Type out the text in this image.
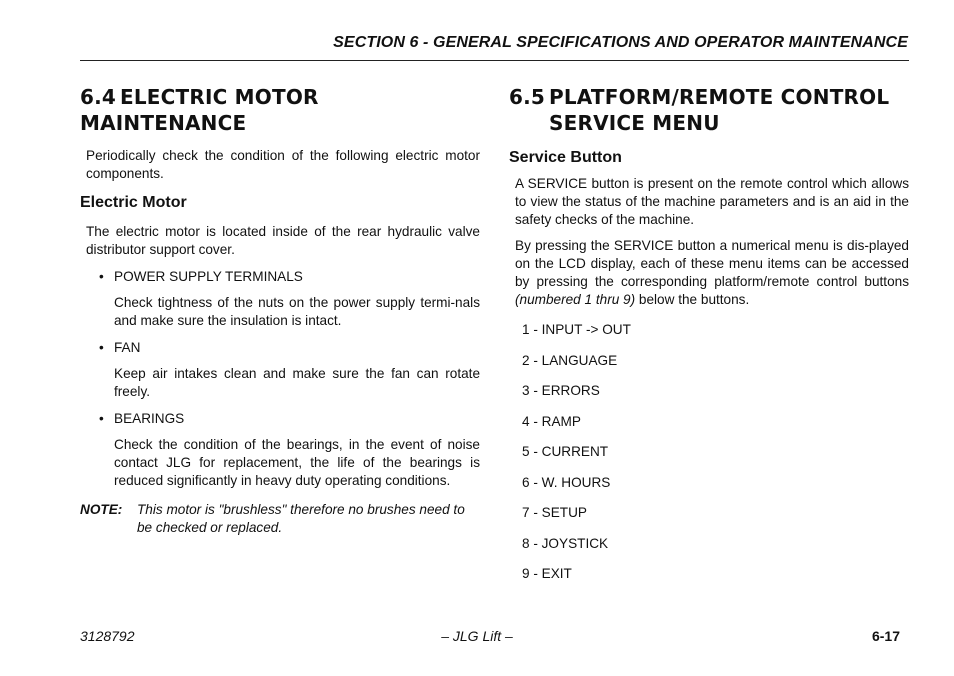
SECTION 6 - GENERAL SPECIFICATIONS AND OPERATOR MAINTENANCE
6.4 ELECTRIC MOTOR MAINTENANCE

Periodically check the condition of the following electric motor components.

Electric Motor

The electric motor is located inside of the rear hydraulic valve distributor support cover.

• POWER SUPPLY TERMINALS

Check tightness of the nuts on the power supply termi-nals and make sure the insulation is intact.

• FAN

Keep air intakes clean and make sure the fan can rotate freely.

• BEARINGS

Check the condition of the bearings, in the event of noise contact JLG for replacement, the life of the bearings is reduced significantly in heavy duty operating conditions.

NOTE:	This motor is "brushless" therefore no brushes need to be checked or replaced.
6.5 PLATFORM/REMOTE CONTROL SERVICE MENU
Service Button

A SERVICE button is present on the remote control which allows to view the status of the machine parameters and is an aid in the safety checks of the machine.

By pressing the SERVICE button a numerical menu is dis-played on the LCD display, each of these menu items can be accessed by pressing the corresponding platform/remote control buttons (numbered 1 thru 9) below the buttons.

1 - INPUT -> OUT
2 - LANGUAGE
3 - ERRORS
4 - RAMP
5 - CURRENT
6 - W. HOURS
7 - SETUP
8 - JOYSTICK
9 - EXIT
3128792	– JLG Lift –	6-17
